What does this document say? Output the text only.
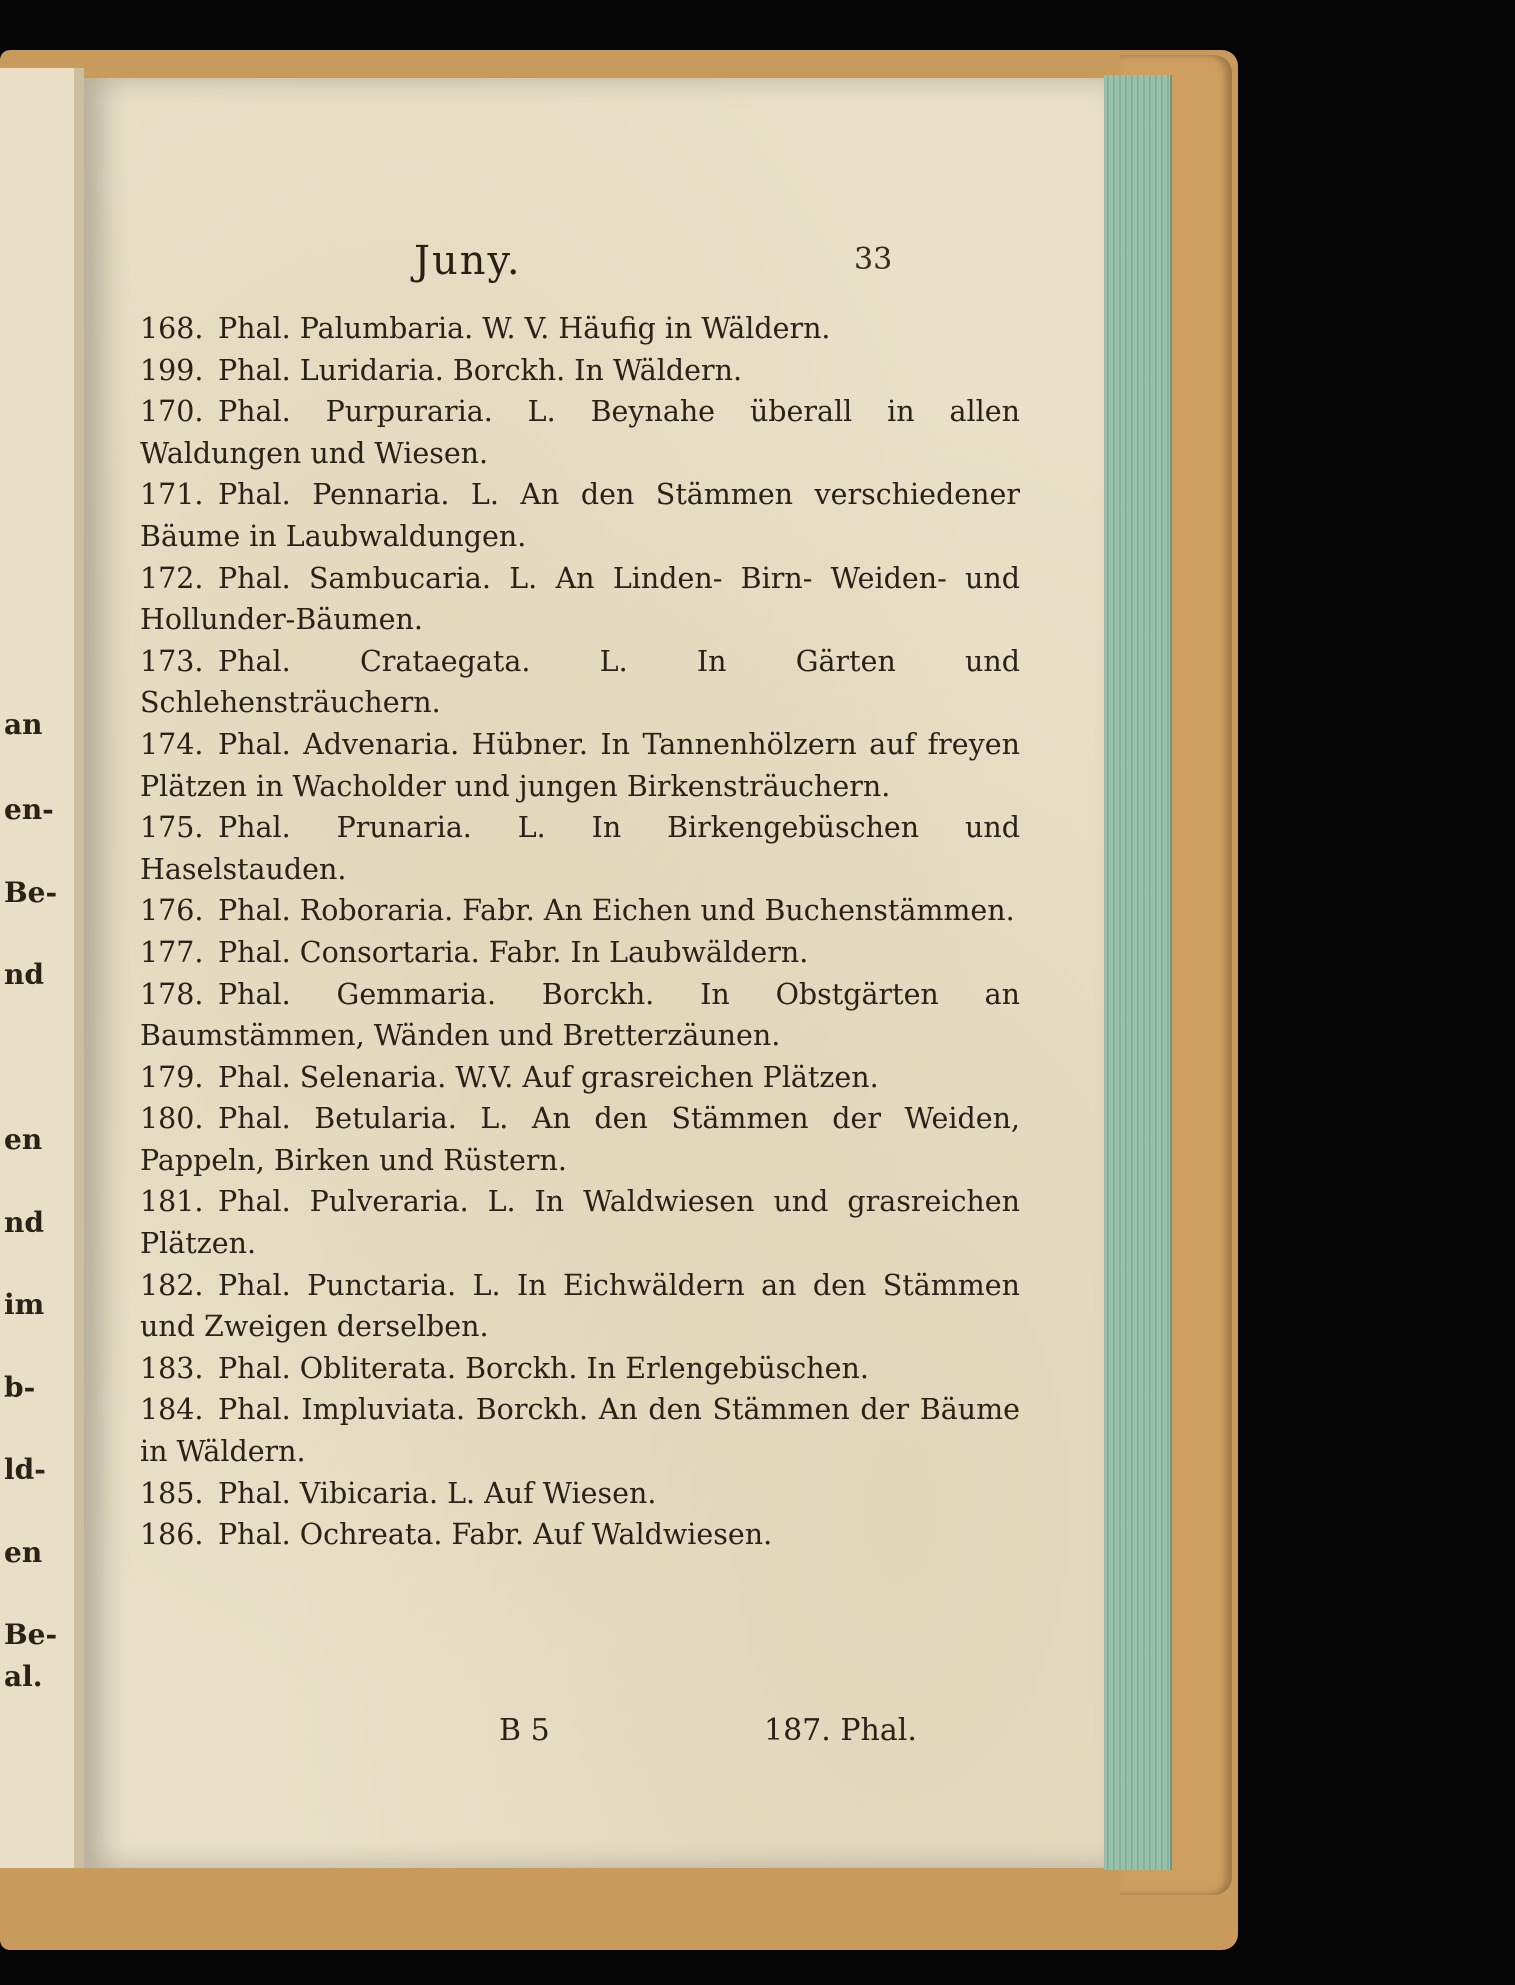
an
en-
Be-
nd
en
nd
im
b-
ld-
en
Be-
al.
Juny.	33
168. Phal. Palumbaria. W. V. Häufig in Wäldern.
199. Phal. Luridaria. Borckh. In Wäldern.
170. Phal. Purpuraria. L. Beynahe überall in allen Waldungen und Wiesen.
171. Phal. Pennaria. L. An den Stämmen verschiedener Bäume in Laubwaldungen.
172. Phal. Sambucaria. L. An Linden- Birn- Weiden- und Hollunder-Bäumen.
173. Phal. Crataegata. L. In Gärten und Schlehensträuchern.
174. Phal. Advenaria. Hübner. In Tannenhölzern auf freyen Plätzen in Wacholder und jungen Birkensträuchern.
175. Phal. Prunaria. L. In Birkengebüschen und Haselstauden.
176. Phal. Roboraria. Fabr. An Eichen und Buchenstämmen.
177. Phal. Consortaria. Fabr. In Laubwäldern.
178. Phal. Gemmaria. Borckh. In Obstgärten an Baumstämmen, Wänden und Bretterzäunen.
179. Phal. Selenaria. W.V. Auf grasreichen Plätzen.
180. Phal. Betularia. L. An den Stämmen der Weiden, Pappeln, Birken und Rüstern.
181. Phal. Pulveraria. L. In Waldwiesen und grasreichen Plätzen.
182. Phal. Punctaria. L. In Eichwäldern an den Stämmen und Zweigen derselben.
183. Phal. Obliterata. Borckh. In Erlengebüschen.
184. Phal. Impluviata. Borckh. An den Stämmen der Bäume in Wäldern.
185. Phal. Vibicaria. L. Auf Wiesen.
186. Phal. Ochreata. Fabr. Auf Waldwiesen.
B 5	187. Phal.
